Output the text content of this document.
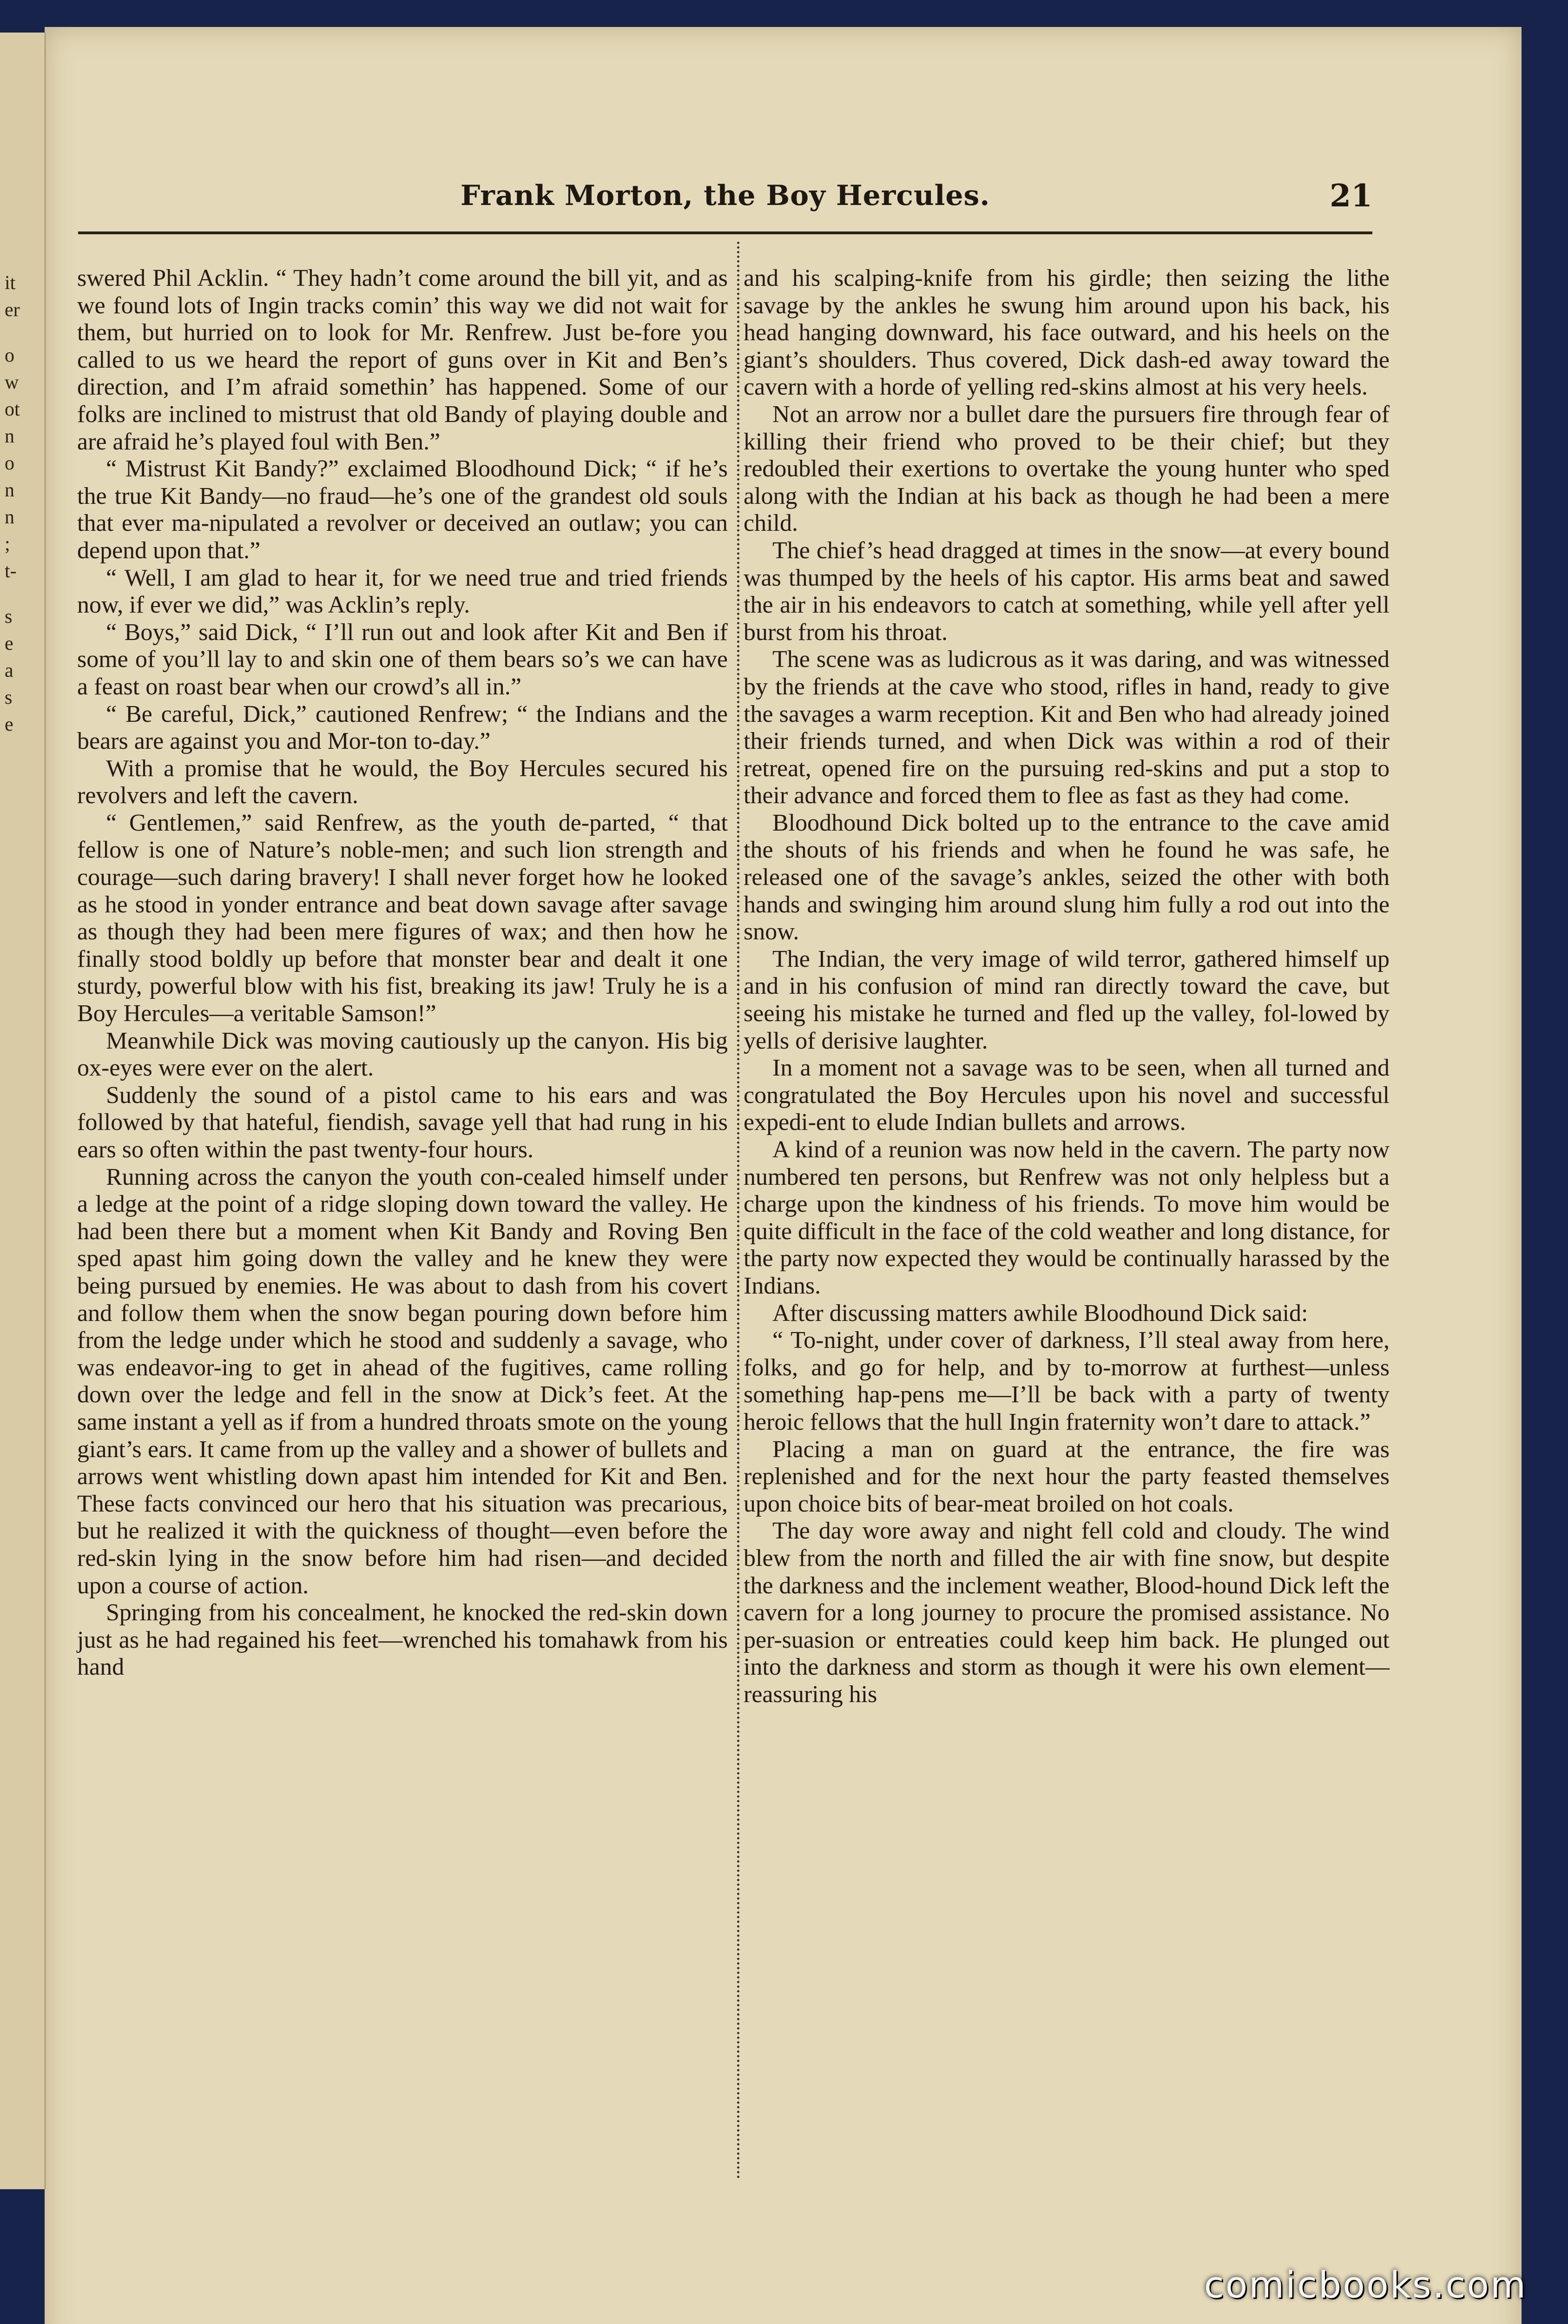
it
er
o
w
ot
n
o
n
n
;
t-
s
e
a
s
e
Frank Morton, the Boy Hercules.	21

swered Phil Acklin. “ They hadn’t come around the bill yit, and as we found lots of Ingin tracks comin’ this way we did not wait for them, but hurried on to look for Mr. Renfrew. Just be-fore you called to us we heard the report of guns over in Kit and Ben’s direction, and I’m afraid somethin’ has happened. Some of our folks are inclined to mistrust that old Bandy of playing double and are afraid he’s played foul with Ben.”

“ Mistrust Kit Bandy?” exclaimed Bloodhound Dick; “ if he’s the true Kit Bandy—no fraud—he’s one of the grandest old souls that ever ma-nipulated a revolver or deceived an outlaw; you can depend upon that.”

“ Well, I am glad to hear it, for we need true and tried friends now, if ever we did,” was Acklin’s reply.

“ Boys,” said Dick, “ I’ll run out and look after Kit and Ben if some of you’ll lay to and skin one of them bears so’s we can have a feast on roast bear when our crowd’s all in.”

“ Be careful, Dick,” cautioned Renfrew; “ the Indians and the bears are against you and Mor-ton to-day.”

With a promise that he would, the Boy Hercules secured his revolvers and left the cavern.

“ Gentlemen,” said Renfrew, as the youth de-parted, “ that fellow is one of Nature’s noble-men; and such lion strength and courage—such daring bravery! I shall never forget how he looked as he stood in yonder entrance and beat down savage after savage as though they had been mere figures of wax; and then how he finally stood boldly up before that monster bear and dealt it one sturdy, powerful blow with his fist, breaking its jaw! Truly he is a Boy Hercules—a veritable Samson!”

Meanwhile Dick was moving cautiously up the canyon. His big ox-eyes were ever on the alert.

Suddenly the sound of a pistol came to his ears and was followed by that hateful, fiendish, savage yell that had rung in his ears so often within the past twenty-four hours.

Running across the canyon the youth con-cealed himself under a ledge at the point of a ridge sloping down toward the valley. He had been there but a moment when Kit Bandy and Roving Ben sped apast him going down the valley and he knew they were being pursued by enemies. He was about to dash from his covert and follow them when the snow began pouring down before him from the ledge under which he stood and suddenly a savage, who was endeavor-ing to get in ahead of the fugitives, came rolling down over the ledge and fell in the snow at Dick’s feet. At the same instant a yell as if from a hundred throats smote on the young giant’s ears. It came from up the valley and a shower of bullets and arrows went whistling down apast him intended for Kit and Ben. These facts convinced our hero that his situation was precarious, but he realized it with the quickness of thought—even before the red-skin lying in the snow before him had risen—and decided upon a course of action.

Springing from his concealment, he knocked the red-skin down just as he had regained his feet—wrenched his tomahawk from his hand

and his scalping-knife from his girdle; then seizing the lithe savage by the ankles he swung him around upon his back, his head hanging downward, his face outward, and his heels on the giant’s shoulders. Thus covered, Dick dash-ed away toward the cavern with a horde of yelling red-skins almost at his very heels.

Not an arrow nor a bullet dare the pursuers fire through fear of killing their friend who proved to be their chief; but they redoubled their exertions to overtake the young hunter who sped along with the Indian at his back as though he had been a mere child.

The chief’s head dragged at times in the snow—at every bound was thumped by the heels of his captor. His arms beat and sawed the air in his endeavors to catch at something, while yell after yell burst from his throat.

The scene was as ludicrous as it was daring, and was witnessed by the friends at the cave who stood, rifles in hand, ready to give the savages a warm reception. Kit and Ben who had already joined their friends turned, and when Dick was within a rod of their retreat, opened fire on the pursuing red-skins and put a stop to their advance and forced them to flee as fast as they had come.

Bloodhound Dick bolted up to the entrance to the cave amid the shouts of his friends and when he found he was safe, he released one of the savage’s ankles, seized the other with both hands and swinging him around slung him fully a rod out into the snow.

The Indian, the very image of wild terror, gathered himself up and in his confusion of mind ran directly toward the cave, but seeing his mistake he turned and fled up the valley, fol-lowed by yells of derisive laughter.

In a moment not a savage was to be seen, when all turned and congratulated the Boy Hercules upon his novel and successful expedi-ent to elude Indian bullets and arrows.

A kind of a reunion was now held in the cavern. The party now numbered ten persons, but Renfrew was not only helpless but a charge upon the kindness of his friends. To move him would be quite difficult in the face of the cold weather and long distance, for the party now expected they would be continually harassed by the Indians.

After discussing matters awhile Bloodhound Dick said:

“ To-night, under cover of darkness, I’ll steal away from here, folks, and go for help, and by to-morrow at furthest—unless something hap-pens me—I’ll be back with a party of twenty heroic fellows that the hull Ingin fraternity won’t dare to attack.”

Placing a man on guard at the entrance, the fire was replenished and for the next hour the party feasted themselves upon choice bits of bear-meat broiled on hot coals.

The day wore away and night fell cold and cloudy. The wind blew from the north and filled the air with fine snow, but despite the darkness and the inclement weather, Blood-hound Dick left the cavern for a long journey to procure the promised assistance. No per-suasion or entreaties could keep him back. He plunged out into the darkness and storm as though it were his own element—reassuring his

comicbooks.com
